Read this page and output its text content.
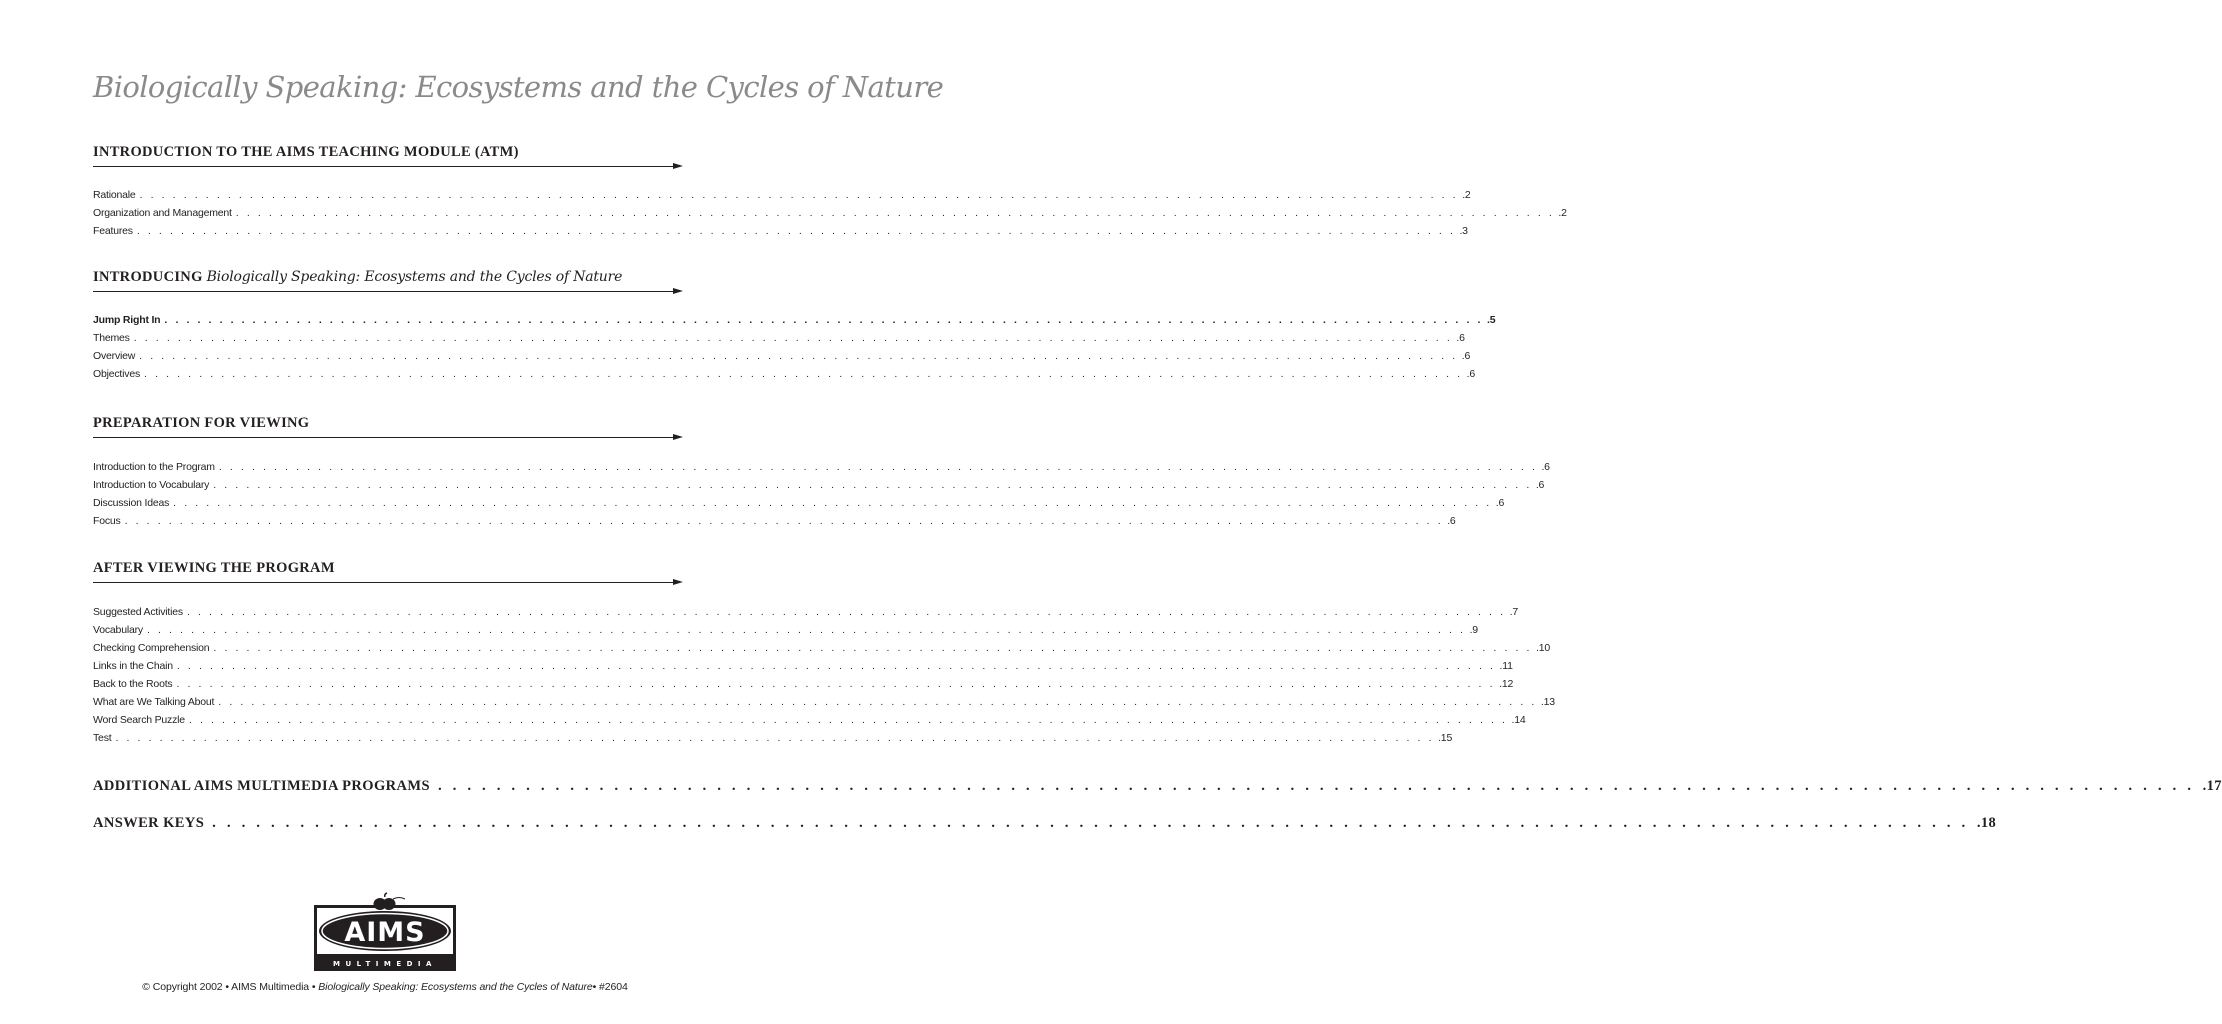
Biologically Speaking: Ecosystems and the Cycles of Nature
INTRODUCTION TO THE AIMS TEACHING MODULE (ATM)
Rationale . . . . . . . . . . . . . . . . . . . . . . . . . . . . . . . . . . . . . . . . . . . . . . . . . . . . . . . . . . . . . . . . . . . . . . . . . . . . . . . . . . . . . . . . . . . . . . . . . . . . . . . . . . . . . . . . . . . . . . . . .2
Organization and Management . . . . . . . . . . . . . . . . . . . . . . . . . . . . . . . . . . . . . . . . . . . . . . . . . . . . . . . . . . . . . . . . . . . . . . . . . . . . . . . . . . . . . . . . . . . . . . . . . . . . . . . . . . . . . . . . . . . . . . . . .2
Features . . . . . . . . . . . . . . . . . . . . . . . . . . . . . . . . . . . . . . . . . . . . . . . . . . . . . . . . . . . . . . . . . . . . . . . . . . . . . . . . . . . . . . . . . . . . . . . . . . . . . . . . . . . . . . . . . . . . . . . . .3
INTRODUCING Biologically Speaking: Ecosystems and the Cycles of Nature
Jump Right In . . . . . . . . . . . . . . . . . . . . . . . . . . . . . . . . . . . . . . . . . . . . . . . . . . . . . . . . . . . . . . . . . . . . . . . . . . . . . . . . . . . . . . . . . . . . . . . . . . . . . . . . . . . . . . . . . . . . . . . . .5
Themes . . . . . . . . . . . . . . . . . . . . . . . . . . . . . . . . . . . . . . . . . . . . . . . . . . . . . . . . . . . . . . . . . . . . . . . . . . . . . . . . . . . . . . . . . . . . . . . . . . . . . . . . . . . . . . . . . . . . . . . . .6
Overview . . . . . . . . . . . . . . . . . . . . . . . . . . . . . . . . . . . . . . . . . . . . . . . . . . . . . . . . . . . . . . . . . . . . . . . . . . . . . . . . . . . . . . . . . . . . . . . . . . . . . . . . . . . . . . . . . . . . . . . . .6
Objectives . . . . . . . . . . . . . . . . . . . . . . . . . . . . . . . . . . . . . . . . . . . . . . . . . . . . . . . . . . . . . . . . . . . . . . . . . . . . . . . . . . . . . . . . . . . . . . . . . . . . . . . . . . . . . . . . . . . . . . . . .6
PREPARATION FOR VIEWING
Introduction to the Program . . . . . . . . . . . . . . . . . . . . . . . . . . . . . . . . . . . . . . . . . . . . . . . . . . . . . . . . . . . . . . . . . . . . . . . . . . . . . . . . . . . . . . . . . . . . . . . . . . . . . . . . . . . . . . . . . . . . . . . . .6
Introduction to Vocabulary . . . . . . . . . . . . . . . . . . . . . . . . . . . . . . . . . . . . . . . . . . . . . . . . . . . . . . . . . . . . . . . . . . . . . . . . . . . . . . . . . . . . . . . . . . . . . . . . . . . . . . . . . . . . . . . . . . . . . . . . .6
Discussion Ideas . . . . . . . . . . . . . . . . . . . . . . . . . . . . . . . . . . . . . . . . . . . . . . . . . . . . . . . . . . . . . . . . . . . . . . . . . . . . . . . . . . . . . . . . . . . . . . . . . . . . . . . . . . . . . . . . . . . . . . . . .6
Focus . . . . . . . . . . . . . . . . . . . . . . . . . . . . . . . . . . . . . . . . . . . . . . . . . . . . . . . . . . . . . . . . . . . . . . . . . . . . . . . . . . . . . . . . . . . . . . . . . . . . . . . . . . . . . . . . . . . . . . . . .6
AFTER VIEWING THE PROGRAM
Suggested Activities . . . . . . . . . . . . . . . . . . . . . . . . . . . . . . . . . . . . . . . . . . . . . . . . . . . . . . . . . . . . . . . . . . . . . . . . . . . . . . . . . . . . . . . . . . . . . . . . . . . . . . . . . . . . . . . . . . . . . . . . .7
Vocabulary . . . . . . . . . . . . . . . . . . . . . . . . . . . . . . . . . . . . . . . . . . . . . . . . . . . . . . . . . . . . . . . . . . . . . . . . . . . . . . . . . . . . . . . . . . . . . . . . . . . . . . . . . . . . . . . . . . . . . . . . .9
Checking Comprehension . . . . . . . . . . . . . . . . . . . . . . . . . . . . . . . . . . . . . . . . . . . . . . . . . . . . . . . . . . . . . . . . . . . . . . . . . . . . . . . . . . . . . . . . . . . . . . . . . . . . . . . . . . . . . . . . . . . . . . . . .10
Links in the Chain . . . . . . . . . . . . . . . . . . . . . . . . . . . . . . . . . . . . . . . . . . . . . . . . . . . . . . . . . . . . . . . . . . . . . . . . . . . . . . . . . . . . . . . . . . . . . . . . . . . . . . . . . . . . . . . . . . . . . . . . .11
Back to the Roots . . . . . . . . . . . . . . . . . . . . . . . . . . . . . . . . . . . . . . . . . . . . . . . . . . . . . . . . . . . . . . . . . . . . . . . . . . . . . . . . . . . . . . . . . . . . . . . . . . . . . . . . . . . . . . . . . . . . . . . . .12
What are We Talking About . . . . . . . . . . . . . . . . . . . . . . . . . . . . . . . . . . . . . . . . . . . . . . . . . . . . . . . . . . . . . . . . . . . . . . . . . . . . . . . . . . . . . . . . . . . . . . . . . . . . . . . . . . . . . . . . . . . . . . . . .13
Word Search Puzzle . . . . . . . . . . . . . . . . . . . . . . . . . . . . . . . . . . . . . . . . . . . . . . . . . . . . . . . . . . . . . . . . . . . . . . . . . . . . . . . . . . . . . . . . . . . . . . . . . . . . . . . . . . . . . . . . . . . . . . . . .14
Test . . . . . . . . . . . . . . . . . . . . . . . . . . . . . . . . . . . . . . . . . . . . . . . . . . . . . . . . . . . . . . . . . . . . . . . . . . . . . . . . . . . . . . . . . . . . . . . . . . . . . . . . . . . . . . . . . . . . . . . . .15
ADDITIONAL AIMS MULTIMEDIA PROGRAMS . . . . . . . . . . . . . . . . . . . . . . . . . . . . . . . . . . . . . . . . . . . . . . . . . . . . . . . . . . . . . . . . . . . . . . . . . . . . . . . . . . . . . . . . . . . . . . . . . . . . . . . . . . . . . . . . . . . . . . . . .17
ANSWER KEYS . . . . . . . . . . . . . . . . . . . . . . . . . . . . . . . . . . . . . . . . . . . . . . . . . . . . . . . . . . . . . . . . . . . . . . . . . . . . . . . . . . . . . . . . . . . . . . . . . . . . . . . . . . . . . . . . . . . . . . . . .18
AIMS
MULTIMEDIA
© Copyright 2002 • AIMS Multimedia • Biologically Speaking: Ecosystems and the Cycles of Nature• #2604
